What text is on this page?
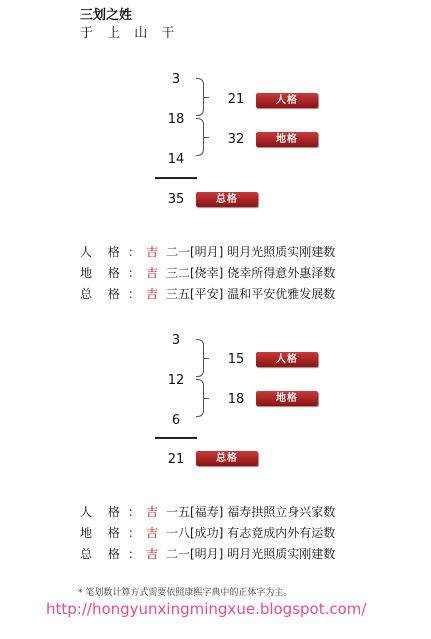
三划之姓
于 上 山 干
3
18
14
21
32
人格
地格
35	总格
人 格 ： 吉 二一[明月] 明月光照质实刚建数
地 格 ： 吉 三二[侥幸] 侥幸所得意外惠泽数
总 格 ： 吉 三五[平安] 温和平安优雅发展数
3
12
6
15
18
人格
地格
21	总格
人 格 ： 吉 一五[福寿] 福寿拱照立身兴家数
地 格 ： 吉 一八[成功] 有志竟成内外有运数
总 格 ： 吉 二一[明月] 明月光照质实刚建数
* 笔划数计算方式需要依照康熙字典中的正体字为主。
http://hongyunxingmingxue.blogspot.com/
